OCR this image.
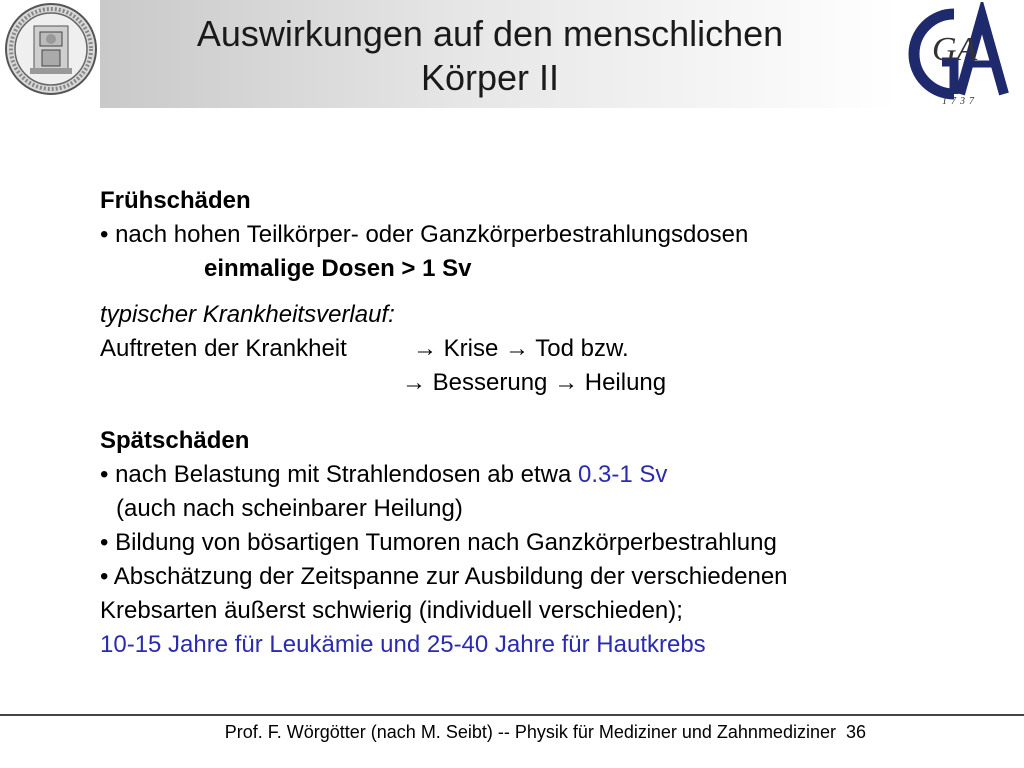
Auswirkungen auf den menschlichen
Körper II
GA
1737
Frühschäden
• nach hohen Teilkörper- oder Ganzkörperbestrahlungsdosen
einmalige Dosen > 1 Sv
typischer Krankheitsverlauf:
Auftreten der Krankheit	→ Krise → Tod bzw.
→ Besserung → Heilung
Spätschäden
• nach Belastung mit Strahlendosen ab etwa 0.3-1 Sv
(auch nach scheinbarer Heilung)
• Bildung von bösartigen Tumoren nach Ganzkörperbestrahlung
• Abschätzung der Zeitspanne zur Ausbildung der verschiedenen
Krebsarten äußerst schwierig (individuell verschieden);
10-15 Jahre für Leukämie und 25-40 Jahre für Hautkrebs
Prof. F. Wörgötter (nach M. Seibt) -- Physik für Mediziner und Zahnmediziner 36
